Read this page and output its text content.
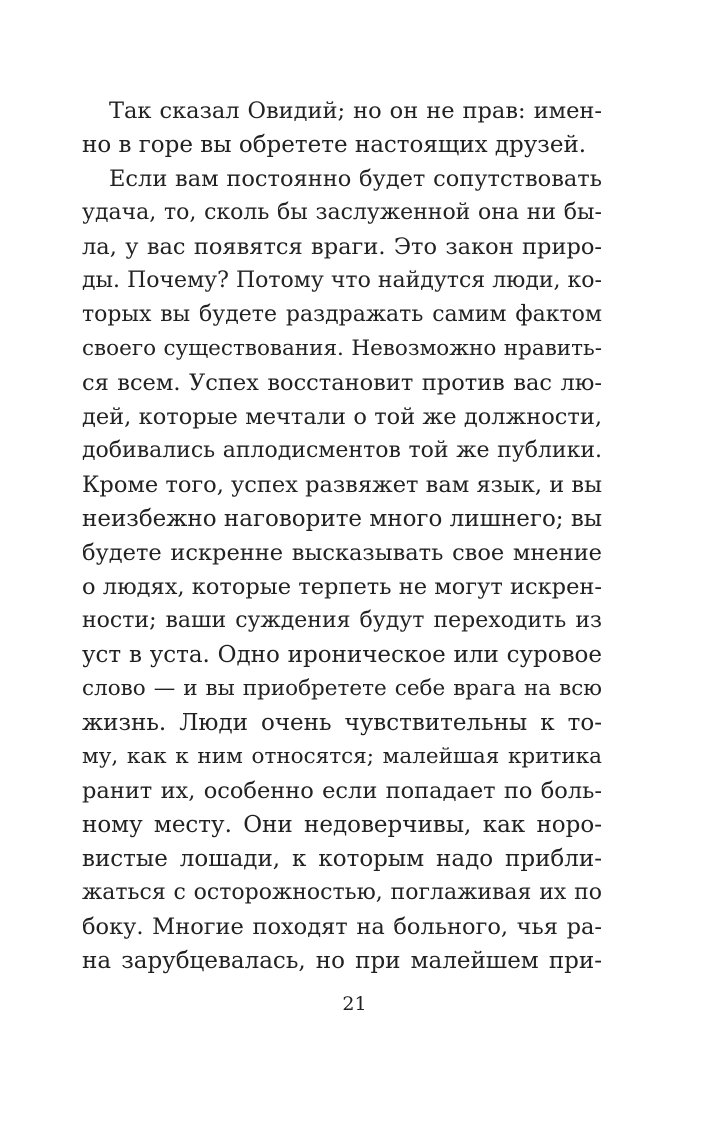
Так сказал Овидий; но он не прав: имен-
но в горе вы обретете настоящих друзей.
Если вам постоянно будет сопутствовать
удача, то, сколь бы заслуженной она ни бы-
ла, у вас появятся враги. Это закон приро-
ды. Почему? Потому что найдутся люди, ко-
торых вы будете раздражать самим фактом
своего существования. Невозможно нравить-
ся всем. Успех восстановит против вас лю-
дей, которые мечтали о той же должности,
добивались аплодисментов той же публики.
Кроме того, успех развяжет вам язык, и вы
неизбежно наговорите много лишнего; вы
будете искренне высказывать свое мнение
о людях, которые терпеть не могут искрен-
ности; ваши суждения будут переходить из
уст в уста. Одно ироническое или суровое
слово — и вы приобретете себе врага на всю
жизнь. Люди очень чувствительны к то-
му, как к ним относятся; малейшая критика
ранит их, особенно если попадает по боль-
ному месту. Они недоверчивы, как норо-
вистые лошади, к которым надо прибли-
жаться с осторожностью, поглаживая их по
боку. Многие походят на больного, чья ра-
на зарубцевалась, но при малейшем при-
21
